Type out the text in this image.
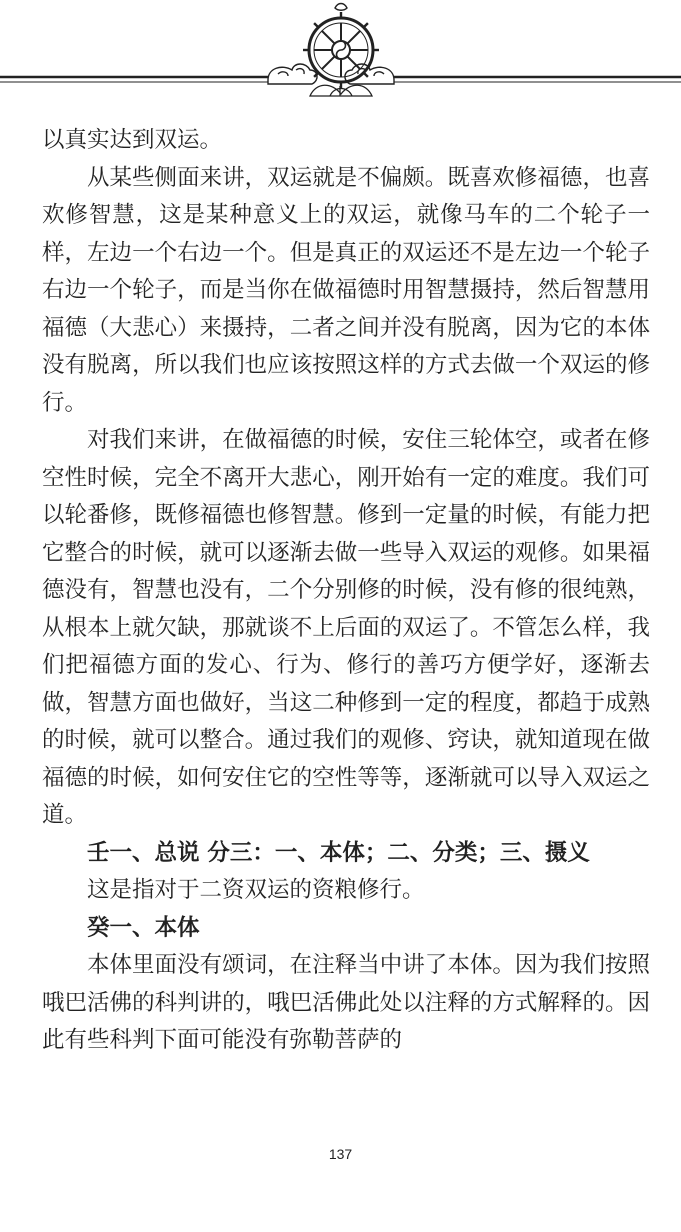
以真实达到双运。

从某些侧面来讲，双运就是不偏颇。既喜欢修福德，也喜欢修智慧，这是某种意义上的双运，就像马车的二个轮子一样，左边一个右边一个。但是真正的双运还不是左边一个轮子右边一个轮子，而是当你在做福德时用智慧摄持，然后智慧用福德（大悲心）来摄持，二者之间并没有脱离，因为它的本体没有脱离，所以我们也应该按照这样的方式去做一个双运的修行。

对我们来讲，在做福德的时候，安住三轮体空，或者在修空性时候，完全不离开大悲心，刚开始有一定的难度。我们可以轮番修，既修福德也修智慧。修到一定量的时候，有能力把它整合的时候，就可以逐渐去做一些导入双运的观修。如果福德没有，智慧也没有，二个分别修的时候，没有修的很纯熟，从根本上就欠缺，那就谈不上后面的双运了。不管怎么样，我们把福德方面的发心、行为、修行的善巧方便学好，逐渐去做，智慧方面也做好，当这二种修到一定的程度，都趋于成熟的时候，就可以整合。通过我们的观修、窍诀，就知道现在做福德的时候，如何安住它的空性等等，逐渐就可以导入双运之道。

壬一、总说 分三：一、本体；二、分类；三、摄义

这是指对于二资双运的资粮修行。

癸一、本体

本体里面没有颂词，在注释当中讲了本体。因为我们按照哦巴活佛的科判讲的，哦巴活佛此处以注释的方式解释的。因此有些科判下面可能没有弥勒菩萨的

137
